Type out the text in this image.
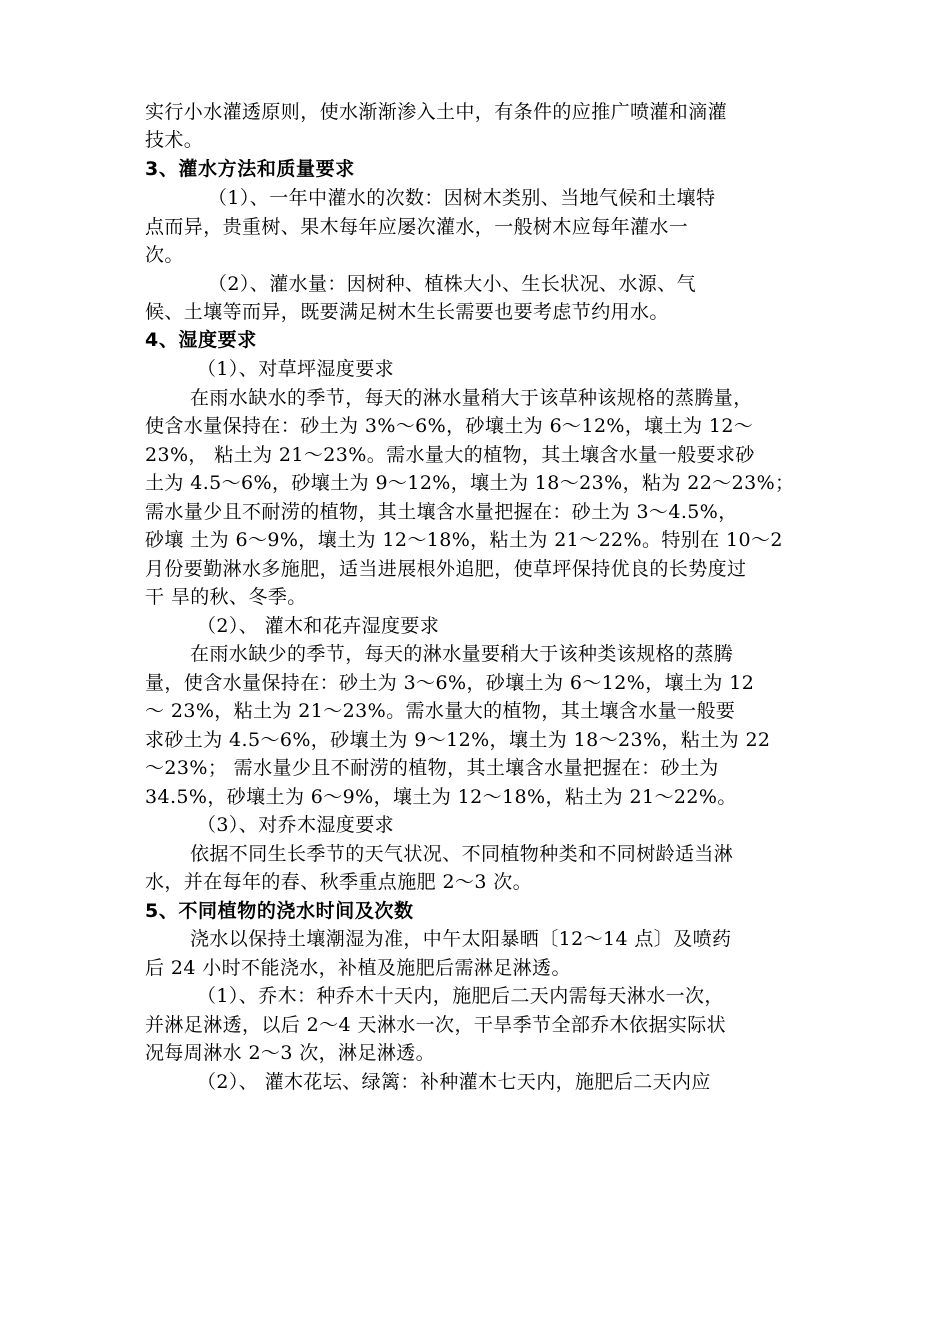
实行小水灌透原则，使水渐渐渗入土中，有条件的应推广喷灌和滴灌
技术。
3、灌水方法和质量要求
（1）、一年中灌水的次数：因树木类别、当地气候和土壤特
点而异，贵重树、果木每年应屡次灌水，一般树木应每年灌水一
次。
（2）、灌水量：因树种、植株大小、生长状况、水源、气
候、土壤等而异，既要满足树木生长需要也要考虑节约用水。
4、湿度要求
（1）、对草坪湿度要求
在雨水缺水的季节，每天的淋水量稍大于该草种该规格的蒸腾量，
使含水量保持在：砂土为 3%～6%，砂壤土为 6～12%，壤土为 12～
23%， 粘土为 21～23%。需水量大的植物，其土壤含水量一般要求砂
土为 4.5～6%，砂壤土为 9～12%，壤土为 18～23%，粘为 22～23%；
需水量少且不耐涝的植物，其土壤含水量把握在：砂土为 3～4.5%，
砂壤 土为 6～9%，壤土为 12～18%，粘土为 21～22%。特别在 10～2
月份要勤淋水多施肥，适当进展根外追肥，使草坪保持优良的长势度过
干 旱的秋、冬季。
（2）、 灌木和花卉湿度要求
在雨水缺少的季节，每天的淋水量要稍大于该种类该规格的蒸腾
量，使含水量保持在：砂土为 3～6%，砂壤土为 6～12%，壤土为 12
～ 23%，粘土为 21～23%。需水量大的植物，其土壤含水量一般要
求砂土为 4.5～6%，砂壤土为 9～12%，壤土为 18～23%，粘土为 22
～23%； 需水量少且不耐涝的植物，其土壤含水量把握在：砂土为
34.5%，砂壤土为 6～9%，壤土为 12～18%，粘土为 21～22%。
（3）、对乔木湿度要求
依据不同生长季节的天气状况、不同植物种类和不同树龄适当淋
水，并在每年的春、秋季重点施肥 2～3 次。
5、不同植物的浇水时间及次数
浇水以保持土壤潮湿为准，中午太阳暴晒〔12～14 点〕及喷药
后 24 小时不能浇水，补植及施肥后需淋足淋透。
（1）、乔木：种乔木十天内，施肥后二天内需每天淋水一次，
并淋足淋透，以后 2～4 天淋水一次，干旱季节全部乔木依据实际状
况每周淋水 2～3 次，淋足淋透。
（2）、 灌木花坛、绿篱：补种灌木七天内，施肥后二天内应
